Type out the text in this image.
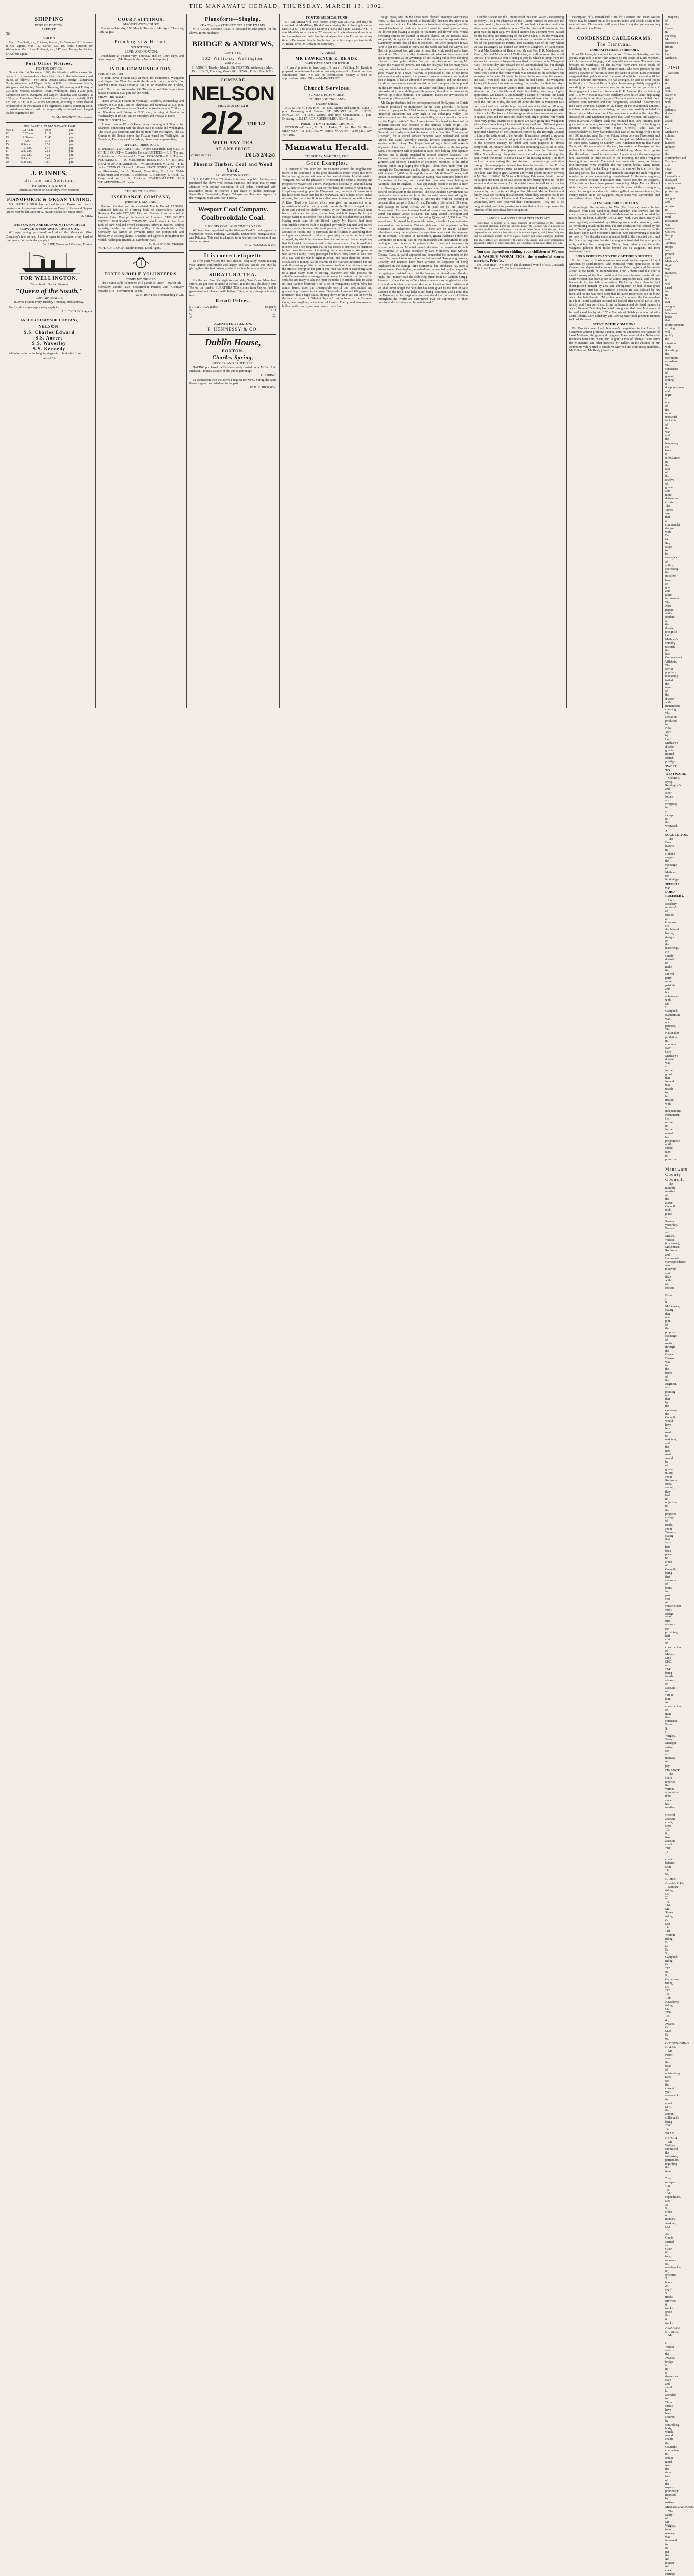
THE MANAWATU HERALD, THURSDAY, MARCH 13, 1902.
SHIPPING
PORT OF FOXTON.
ARRIVED.

Nil.

SAILED.

Mar. 12.—Oreti, s.s., 214 tons, Jarman, for Westport. P. Hennessy & Co. agents. Mar. 12.—Gertie, s.s., 100 tons, Simpson for Wellington. Mar. 12.—Himitangi, s.s., 147 tons, Harvey for Picton. J. Overend agent.

Post Office Notices.
FOXTON OFFICE.

On and after 1st December, 1900, the letter-box will be cleared for despatch of correspondence from this office to the under-mentioned places, as follows:— For Oroua Downs Oroua Bridge, Palmerston North, Wanganui and Napier, daily, at 8.30 p.m. Palmerston North, Wanganui and Napier, Monday, Tuesday, Wednesday and Friday at 2.30 p.m. Moutoa, Shannon, Levin, Wellington, daily a 2.30 p.m. Palmerston North, Wanganui and Napier, Thursday and Saturday, at 3.30 p.m. Receiving Box Cleared daily, (Sundays excepted), 8.15 a.m. and 5 p.m. N.B.—Letters containing anything of value should be handed to the Postmaster to be registered. Letters containing coin, if posted unregistered, will be compulsorily registered and charged double registration fee.

W. MacDONNOTT, Postmaster.

HIGH WATER AT MANAWATU BAR.
Mar. 11	10.17 a.m.	10.35	p.m.
12	10.52 a.m.	11.11	p.m.
13	11.30 a.m.	11.45	p.m.
14	— a.m.	0.16	p.m.
15	0.54 a.m.	0.51	p.m.
16	1.19 a.m.	1.47	p.m.
17	2.20 a.m.	2.54	p.m.
18	3.57 a.m.	4.21	p.m.
19	5.5 a.m.	5.45	p.m.
20	6.28 a.m.	7.8	p.m.
J. P. INNES,
Barrister and Solicitor,
PALMERSTON NORTH

Attends at Foxton on Court days when required.

PIANOFORTE & ORGAN TUNING.

MR. ARTHUR SILK has decided to visit Foxton and district quarterly on his professional business as Tuner of Piano and Organs. Orders may be left with Mr A. Fraser Bookseller, Main-street.

A. SILK.

THE FOXTON AND SHANNON STEAM RIVER SERVICE & MANAWATU RIVER COY.

W. Jupp having purchased and added the Manawatu River Company's interest and Plant, is open to undertake every kind of river work. For particulars, apply to

W. JUPP, Owner and Manager, Foxton.

FOR WELLINGTON.
The splendid Screw Steamer
"Queen of the South,"
CAPTAIN MANLY,

(Leaves Foxton every Tuesday Thursday, and Saturday.

For freight and passage money apply to

J. F. OVEREND, Agent.

ANCHOR STEAMSHIP COMPANY,
NELSON.
S.S. Charles Edward
S.S. Aorere
S.S. Waverley
S.S. Kennedy

All information as to freights, stages &c. obtainable from

G. GRAY.

COURT SITTINGS.
MAGISTRATE'S COURT.

Foxton.—Saturday, 15th March; Thursday, 24th April; Thursday, 15th August.

Prendergast & Harper,
SOLICITORS,
LEVIN AND FOXTON.

Attendance at Foxton very Thursday and on Court days, and when required. (Mr Harper is also a Native Interpreter.)

INTER-COMMUNICATION.

FOR THE NORTH—

A train leaves Foxton daily at 9a.m. for Palmerston, Wanganui and Napier. For New Plymouth the through trains run daily. For Sandon a train leaves Foxton at 3.0 p.m. on Mondays and Fridays, and 1.30 p.m. on Wednesday. On Thursdays and Saturdays a train leaves Foxton at 3.20 p.m. for the North.

FROM THE NORTH—

Trains arrive at Foxton on Mondays, Tuesdays, Wednesdays and Fridays at 6.35 p.m., and on Thursdays and Saturdays at 1.30 p.m. and 8.35 p.m. The train leaves Sandon on Wednesdays at 7.30 a.m., on Mondays and Fridays at 9.30 a.m., arriving at Foxton on Wednesdays at 10 a.m. and on Mondays and Fridays at noon.

FOR THE SOUTH—

A coach leaves Whyte's Hotel every morning at 5.30 a.m. for Shannon, connecting with the down train to Otaki and Wellington. The coach also connects with the up train from Wellington. The s.s. Queen of the South leaves the Foxton wharf for Wellington on Tuesdays, Thursdays and Saturdays, circumstances permitting.

OFFICIAL DIRECTORY.

STIPENDIARY MAGISTRATE— Alfred Greenfield, Esq. CLERK OF THE COURT— Constable Forster. JUSTICES— E. S. Thynne, F. Robinson, J. Davies and A. Fraser. CORONER— E. S. Thynne. POSTMASTER— W. MacDonnott. REGISTRAR OF BIRTHS, DEATHS AND MARRIAGES— W. MacDonnott. MAYOR— F. E. Jenks. TOWN CLERK— Alf. Fraser. STATE SCHOOL, FOXTON— Headmaster, W. S. Stewart; Committee, Mr J. W. Walsh (Chairman) and Messrs. F. Robinson, P. Hennessy, F. Cook, G. Gray, and W. H. K. Hickson. STATIONMASTER AND WHARFINGER— T. Lewis.

THE SOUTH BRITISH
INSURANCE COMPANY,
(FIRE AND MARINE.)

Paid-up Capital and Accumulated Funds Exceed £288,000. Unlimited liability of a strong body of shareholders. Annual Revenue Exceeds £170,000. Fire and Marine Risks accepted at Lowest Rates. Prompt Settlement of Accounts. THE SOUTH BRITISH INSURANCE COMPANY, which stands in the front rank of New Zealand-owned companies, offers to insurers sterling security, besides the unlimited liability of its shareholders. The Company has earned an enviable name for promptitude and liberality in settling claims. Branches and agencies throughout the world. Wellington Branch, 27 Lambton Quay.

C. W. BENBOW, Manager.

W. H. K. HICKSON, Dublin House, Local Agent.

FOXTON RIFLE VOLUNTEERS.
COMPANY ORDERS.

The Foxton Rifle Volunteers will parade as under— March 6th—Company Parade; 13th—Government Parade; 20th—Company Parade; 27th—Government Parade.

W. H. HUNTER, Commanding F.V.R.

Pianoforte—Singing.
(The Theory of) TRINITY COLLEGE EXAMS.

MRS GRAY, Norbiton Road, is prepared to take pupils for the above. Terms moderate.

BRIDGE & ANDREWS,
DENTISTS.
102, Willis-st., Wellington.
Will Visit—

SHANNON, Tuesday, March 18th. FOXTON, Wednesday, March 19th. LEVIN, Thursday, March 20th. OTAKI, Friday, March 21st.

COMPARE
NELSON
MOATE & CO. LTD
2/2 1/10 1/2
WITH ANY TEA
AT ANY PRICE
OTHER PRICES	1/6 1/8 2/4 2/8
Phoenix Timber, Coal and Wood Yard,
PALMERSTON NORTH.

G. A. GAMMAN & CO. desire to inform the public that they have purchased the above well known business, and hope that by strict attention with prompt execution of all orders, combined with reasonable prices, to receive a fair share of public patronage. Sawmills at Dannevirke, Kopua, Takapau and Tahoraite. Agents for the Wanganui Sash and Door Factory.

Wesport Coal Company.
Coalbrookdale Coal.
PHOENIX COAL AND TIMBER YARD.

WE have been appointed by the Westport Coal Co. sole agents for Palmerston North, Feilding, Woodville, Dannevirke, Mangatainoka, and Pahiatua. This coal is admitted to be the best for household and steam purposes.

G. A. GAMMAN & CO.

It is correct etiquette

To offer your visitors the best: indeed, hospitality means making your visitors comfortable and happy, and you can do this only by giving them the best. When you have visitors be sure to offer them

SURATURA TEA.

It is the best. From its origin to your table, Nature's and Man's best efforts are put forth to make it the best. It is the only absolutely pure Tea on the market. SURATURA TEA comes from Ceylon, and is guaranteed not blended with Indian, China, or any cheap or inferior teas.

Retail Prices.
SURATURA A quality	1/8 per lb
B	1/11
C	2/-
X	2/6
AGENTS FOR FOXTON,
P. HENNESSY & CO.
Dublin House,
FOXTON.
Charles Spring,
GROCER AND FRUITERER.

HAVING purchased the Business lately carried on by Mr W. H. K. Hickson, I request a share of the public patronage.

C. SPRING.

IN connection with the above I request for Mr C. Spring the same liberal support accorded me in the past.

W. H. K. HICKSON.

FOXTON MEDICAL FUND.

DR GRAHAM will visit Foxton every SATURDAY, and may be consulted at McMillan, Rhodes' store during the following hours:— SUNDAYS—9 to 10 a.m.; 12.30 to 1 p.m.; and 8 p.m. MONDAYS—8 a.m. Monthly subscribers of 2/6 are entitled to attendance and medicine for themselves and their families at above hours in Foxton, or at any time in Palmerston North. For further particulars apply pro tem to Mr A. Baker, or to Dr Graham, on Saturdays.

[A CARD.]
MR LAWRENCE E. READE.
BARRISTER AND SOLICITOR.

14 years' practice in Invercargill. 9 years' „ Feilding. Mr Reade is prepared to undertake the sale of property entrusted to him at the usual commission rates—No sale No commission. Money to lend on approved securities. Office—MAIN-STREET.

Church Services.
SUNDAY, 16TH MARCH.
CHURCH OF ENGLAND.
(Passion Sunday

ALL SAINTS', FOXTON.—11 a.m., Matins and Sermon (L.B.); 7 p.m., Evensong and Sermon. ST. SIMON'S & ST. JUDE'S, RONGOTEA.—11 a.m., Matins and Holy Communion; 7 p.m., Evensong (L.B.) TAIKORIA SCHOOLHOUSE.—3 p.m.

PRIMITIVE METHODIST CHURCH.

FOXTON.—11 a.m., Mr S. H. Baker; 7 p.m., Rev. W. Harris. SHANNON.—11 a.m., Rev. W. Harris. MOUTOA.—2.30 p.m., Rev. W. Harris.

Manawatu Herald.
THURSDAY, MARCH 13, 1902.
Good Examples.

A resident of this town has but to move around the neighbouring towns to be convinced of the great disabilities under which this town lies in having no energetic man at the head of affairs. In a late visit to Wanganui we had the pleasure of witnessing the value a pushing and progressive Mayor is to a town. Wanganui is especially lucky in having Mr A. Hatrick as Mayor, a fact the residents are cordially recognising. His plucky opening up of the Wanganui river, one which it seems to us has little more water than has the Manawatu, only a depth of ten inches of water, for tourist traffic is so well-known, to need no repetition here. A River Trust was formed which was given an endowment of no inconsiderable value, but by yearly grants the Trust managed so to direct and control the shallow waters, by the formation of small stone leads, that when the river is very low, which it frequently is, just enough water is secured to float a boat drawing less than twelve inches. Having made sure of this liberal supply Mr Hatrick had most comfortable steamers built in England, powerfully engined, and started a service which is one of the most popular of Tourist routes. The river abounds in rapids, and to surmount the difficulties in ascending them an ingenious system of fixed wire ropes lying on the bed of the river is arranged, by which the steamers haul themselves up. Some people say that Mr Hatrick has been moved by the power of enriching himself, but it seems too often forgotten that in his efforts to increase his business he has been the means of enriching the whole town of Wanganui as well as the Colony. Every passenger his boats carry spend at least part of a day and the whole night in town, and must therefore create a circulation of money. As the charms of the river are advertised far and wide this colony profits by the increased trade on the railways, so that the effect of energy on the part of one man has been of exceeding value to a great many. Men of sterling character and who possess the valuable possession of energy are not content to retain it all for selfish ends, but are ready to take their part in public life and thus help to wake up their weaker brethren. This is so in Wanganui's Mayor, who has almost forced upon the townspeople one of the most radical and greatest improvement to the town. Those who know old Wanganui will remember that a large space, sloping down to the river, and known by the fanciful name of "Market Square," just in front of the Supreme Court, was anything but a thing of beauty. The ground was uneven, hollow in the centre, and was covered with long

rough grass, and on the sides were planted unkempt Macrocarpa trees. All this has been altered, so beautifully, that now the place is an ornament to the town. The Macrocarpa trees have disappeared, and the ground has been all made and is now formed in broad grass terraces, the lowest part having a couple of fountains and flower beds, whilst flowering shrubs are planted in suitable places. On the terraces seats are placed, giving the sitter a view of the river and the opposite bank. Everybody admits this all this is excellent, but when proposed it was hard to get the Council to carry out the work and had the Mayor, Mr Hatrick, possessed less grit than he does, the work would never have been done. This is a worthy illustration of what we have again and again represented as the advantage of our leading public men devoting interest to their public duties. We had the pleasure of meeting Mr Major, the Mayor of Hawera, not only for this year, but for many years past, and what he told us is but a repetition of the statement of value a good Mayor is to a town. Hawera is possessed of one of the finest water services of any town, the pressure throwing a stream one hundred feet in height. It has an admirable sewerage scheme, and yet the rates for all purposes do not exceed one shilling and threepence in the pound on the £10 rateable properties. Mr Major confidently hopes to see the rate reduced to one shilling and threepence, though it is intended to provide up-to-date abattoirs. The statement makes the enviousness of Hawera's position a noble one.

Mr Kruger declares that the correspondence of Dr Kuyper, the Dutch Premier, produced no impression on the Boer generals. The latest curiosity in paragraphs. A Wellington exchange thinks it worth writing. "Imperial sentiments run very high in the Pohangina Valley. The settlers won't touch German wire, and willingly pay a pound a ton more for the English article." One Aorere farmer is alleged to have sold a Holstein-Friesian cow because of the animal's Dutch origin. The Government, as a result of inquiries made by cable through the agent-General, has finally accepted the tender of the Blue Star Company, of Liverpool, for a special service between New Zealand and South Africa. The Natal Assembly strongly favours compulsory military service in the colony. The Department of Agriculture will make a shipment of ten tons of fruit cheese to South Africa by the troopship Kent. The shipment will be packed in cases each holding four separate cheeses, and is chiefly supplied by several southern factories. The Kwangai rebels surprised the mandarins at Kieban, overpowered the garrison, and released a number of prisoners. Members of the Tribal Society joined in pillaging the villages. About 9000 birds were put through the Government poultry depots last month for export. There will be about 10,000 put through this month. Mr William T. Jones, well known in connection with Australian racing, was examined before the Committee on betting, and stated that there was more betting in Australia than in England. It was apparently possible to stop a river from flowing as to prevent betting in Australia. It was not difficult to control bookmakers in the colonies. The new Zealand Government has received a communication from the Imperial authorities asking for twenty women teachers willing to take up the work of teaching in concentration camps in South Africa. The salary offered is £100 a year, and passage to South Africa will be paid for by the Imperial Government. Thirteen hundred head of stamps are working on the Rand, but native labour is scarce. The King visited Devonport and witnessed the launching of the battleship Queen, of 15,000 tons. The vessel was christened by Queen Alexandra, a bottle of colonial wine was used on the occasion. Chinese girls are to be employed in San Francisco as telephone operators. There are so many Chinese inhabitants using the telephone that operators who speak the language are in demand. The Duke of Devonshire, giving evidence before the Committee on Betting, said it was impossible and undesirable to stop betting on racecourses or in private clubs. It was not necessary to license bookmakers. Mounted men in disguise tried revolvers through the windows of a house occupied by Mrs McInerney near Kilrush, County Clare. A patrol appeared and demanded the surrender of the men. The moonlighters were fired on but escaped. Two young farmers, Crawley and Eustace have been arrested on suspicion of being implicated in the outrage. Mrs McInerney had purchased hay from a farmer named Cunningham, who had been connected by the League for occupying an evicted farm. At the banquet at Dunedin on Monday night, the Premier read the following letter from Sir Gordon Sprigg, Premier of Cape Colony:—"My friends here are so delighted with the firm and noble stand you have taken up on behalf of South Africa, and we shall never forget the help that has been given by the men of New Zealand in the field. That help is still being continued, and I think that the Boers are at last beginning to understand that the sons of Britain throughout the world are determined that the supremacy of their country and sovereign shall be maintained."

Trouble is ahead for the Committee of the Levin Water Race opening ceremony. The great chairman of the County refused to consider the accounts sent in, because he and Cr Prouse had not received notice to attend meeting to consider accounts. The Secretary will have to rub the great man the right way. We should inquire how accounts were passed for the building and furnishing of the Levin Club. How the Wanganui river draws as a holiday trip is well-shown by mention of the names of few of the passengers to Pipiriki, last Saturday. Out of the fifty whom we saw passengers we noticed Mr and Mrs Longhorn, of Palmerston; Mr and Mrs Davidson of Heatherlea; Mr and Mrs F. R. Macdonald of Kereru; Mr and Mrs Ames of Wellington, as well as round the world tourists. The acrobatic feat of using a pole by which to jump from the steamer to the shore is frequently practised by natives on the Wanganui river. The other day one essayed the oft accomplished feat, but though landing on dry land had forgotten to throw his body forwards, and the result was a seat in the water which was comical to the onlookers but annoying to the actor. On rising he turned to the native on the steamer and said, "You look out," and we think he had better. The Wanganui Jockey Club were fortunate in having fine weather for their two days racing. There were many visitors from this part of the coast and the attention of the officials and their hospitality was very highly appreciated. Mr Dustin is undoubtedly a caterer of renown, the lunch he provides is one of the very best and would take a lot of beating. Until the rain on Friday the feed all along the line to Wanganui was both short and dry, but the improvement was noticeable on Monday. Stacks were in evidence everywhere though we noticed much grass still in the stooks. The banks of the Wanganui river have enormous number of quince trees and the trees are loaded with bright golden fruit which looks very pretty. Quantities of quinces are daily going into Wanganui where they can be bought for one halfpenny the dozen. Different places have different ways of going about a job. At Palmerston the Mayor was appointed Chairman of the Committee formed by the Borough Council to join in the testimonial to the Premier. It was also resolved to appoint canvassers. What is worth doing at all is worth doing well. The survey of the Urewera country for tribal and hapu purposes is almost completed. On January 30th a cash-box containing £25 3s 9d in cash, some cheques and other papers was stolen from the Sumner Post Office. Some days ago the postmistress received a package through the post, which was found to contain £22 of the missing money. The thief enclosed a note asking the postmistress to acknowledge restitution through the newspapers. A steer has been impounded in the Foxton Pound. Messrs Symons Bros. caution people against trespassing on their land with dog or gun. Autumn and winter goods are now arriving at Mr Geo H. Stiles'. At Victoria Buildings, Palmerston North, one of the largest and most up-to-date stocks are now being opened up for the autumn and winter season. As this establishment is well known for the quality of its goods, visitors to Palmerston should inspect. A speciality is made by the firm in wedding orders. Mr and Mrs W. Hunter and family leave for Fielding this afternoon, where they intend to reside for the future. Captain Hunter and Lieutenant Walsh, of the local volunteers, have both received their commissions. They are to be congratulated, and it is pleasing to know their efforts to promote the interests of the corps have been recognised.

SANDER and SONS EUCALYPTI EXTRACT.

According to reports of a great number of physicians of the highest professional standing, there are offered Eucalypti Extracts which possess no curative qualities. In preference to the world wide fame of Sander and Sons preparation we publish a few abstracts from their reports, which bear fully out that no substance excels or even equals Sander and Sons Eucalypti Extract. The chief effects are produced with cures with Sander and Sons' preparation against the effects of other remedies, our Eucalypti compound effect the cure.

You can depend on ridding your children of Worms with WADE'S WORM FIGS, the wonderful worm worriers. Price 1s.

The Deaf Hear.—No 494 of The Illustrated World of 630, Chiswick High Road, London, W., England, contains a

description of a Remarkable Cure for Deafness and Head Noises which may be carried out at the patient's home, and which is said to be a certain cure. This number will be sent free to any deaf person sending their address to the Editor.

CONDENSED CABLEGRAMS.
The Transvaal.
LORD KITCHENER'S REPORT.

Lord Kitchener, in a report to the War Office on Saturday, said he greatly regretted to report the capture by the Boers of Lord Methuen, with his guns and baggage, and many officers and men. The news was brought to Maribogo, on the railway forty-three miles south of Mafeking, by a force of 550 mounted men, who were pursued by the Boers a distance of four miles from the scene of action. Lord Kitchener suggested that publication of the news should be delayed until he received definite information. He had arranged, he said, to send troops to the district. General De la Rey's column was probably engaged in rounding up many officers and men in this area. Further particulars of the engagement show that Lieutenants G. R. Venning (Horse Artillery) and T. P. W. Nesham (Garrison Artillery) were killed after displaying great gallantry in serving the guns. Thirty-nine others were killed. Four officers were severely and one dangerously wounded. Seventy-two men were wounded. Captain W. A. Tilney, of the Seventeenth Lancers, and two hundred men, are missing, but many are possibly included in the arrivals at Maribogo. Lord Methuen was wounded in the thigh. The despatch of Lord Kitchener explained that Lord Methuen and Major A. Paris (Garrison Artillery), with 900 mounted men, 300 infantry, four guns and a pom-pom, were moving from Wynberg to Lichtenburg to junction on Saturday with Major Grenfell, who was at Roodewalsdevlei, forty-five miles south-east of Mafeking, with a force of 1300 mounted men. Early on Friday, when between Tweebosch and Palmietkuil, General De la Rey's force charged Lord Methuen's column on three sides. Writing on Sunday, Lord Kitchener reports that Major Paris, with the remainder of the men, has arrived at Kraaipan, on the railway line, thirty-five miles south of Mafeking. Major Paris reports that the column moved in two parties. A portion with the ox-waggons left Tweebosch at three o'clock in the morning, the mule waggons leaving at four o'clock. The attack was made after dawn, and before reinforcements were available the rear screen broke. Many Boers galloped on both flanks. They were at first checked by the fire of the flanking parties, but a panic and stampede amongst the mule waggons resulted in the rear screen being overwhelmed. All the mule waggons, with a terrible mixture of mounted men, rushed past the ox-waggons. All efforts to check them proved unavailing. Major Paris collected forty men, and occupied a position a mile ahead of the ox-waggons, which he brought to a standstill. After a gallant but useless defence, the enemy rushed in to the waggons. Major Paris was surrounded, and surrendered at ten o'clock.

LATEST AVAILABLE DETAILS.

At midnight the Secretary for War (Mr Brodrick) read a further despatch from Lord Kitchener, dated Monday. This showed that the convoy was escorted by half of Lord Methuen's force, and preceded the mules by an hour. Suddenly De La Rey, with 1500 men, nearly all wearing khaki, and assisted by a fifteen-pounder and a pom-pom, made an enveloping attack on the rear. The first confusion was caused by the native "boys" galloping the led horses through the mule convoy, while the latter, under Lord Methuen's direction, was endeavouring to join the ox convoy. The disorder communicated itself to the mounted men, and the Boers getting close beside the waggons frustrated the attempts to rally, and fast the ox-waggons. The artillery, infantry and the mule waggons galloped three miles beyond the ox waggons, and then interrupted them.

LORD ROBERTS AND THE CAPTURED OFFICER.

In the House of Lords reference was made to the capture of Lord Methuen by Lord Roberts, who expressed warm appreciation of the General, and deprecated adverse criticism. Referring to Lord Methuen's action at the battle of Magersfontein, Lord Roberts said that after a careful survey of the Boer position at that place he was convinced that Lord Methuen had been given an almost impossible task, and was not blameable for the failure to relieve Kimberley. Since then he had distinguished himself by zeal and intelligence; he had shown great perseverance, and had not suffered a check. He was beloved by his men, and no one was more sorry than he (Lord Roberts) to see the blow which had befallen him. "More than once," continued the Commander-in-Chief, "Lord Methuen assisted and looked after General De la Rey's family, and I am convinced, from the humane and civilised manner in which General De la Rey has acted throughout, that Lord Methuen will be well cared for by him." The Marquis of Salisbury concurred with Lord Roberts. Lord Salisbury and Lord Spencer paid generous tributes to Lord Methuen.

SCENE IN THE COMMONS.

Mr Brodrick read Lord Kitchener's despatches in the House of Commons amidst profound silence, until he announced the capture of Lord Methuen, the guns and baggage. Then some of the Nationalist members burst into cheers and laughter. Cries of "shame" came from the Ministerial and other benches. Mr Dillon, in the absence of Mr Redmond, valuly tried to check Mr McNeill and other noisy members. Mr Dillon and Mr Healy joined the

majority of the House in cheering Mr Brodrick's tribute to Lord Methuen.

Latest.

Sections of the 4th and 38th Batteries fought with great gallantry during the attack on Lord Methuen's column. Three hundred infantry of the Northumberland Fusiliers, and Loyal North Lancashires displayed conspicuous courage, protecting the waggon and refusing to surrender until resistance was useless. Colliers, Kemp, and Vermaas' troops were present. Lord Methuen's thigh was fractured. He is well cared for in his own waggon. Lord Kitchener hopes that reinforcements arriving will rectify the situation with disturbing the operations elsewhere. The concensus of general feeling is disappointment and regret at one of the most untoward incidents of the war, and the temporary set back is unfortunate in the face of the resolve of greater and more determined efforts. The Times says that a commander dealing with De La Rey ought to be strategical of ability, exercising the initiative based on good and rapid information. The Paris papers, while jubilant at the disaster, recognise Lord Methuen's chivalry towards the late Commandant Villebois. The Berlin populace repeatedly hailed the news of the disaster with tremendous cheering. The sensation produced in New York by Lord Methuen's disaster greatly injured British prestige.

SWEEP TO WESTWARD.

Colonels Byng, Remington's and other forces are sweeping in a sweep to the westward.

A SUGGESTION.

The Boer leaders in Holland suggest the exchange of Methuen for Kruitzinger.

SPEECH BY LORD ROSEBERY.

Lord Rosebery received an ovation at Glasgow. He disclaimed having designs on the leadership. He simply desired to make the Liberal party more patriotic and his adherence with Sir H. Campbell-Bannerman was not personal. The Nationalist jubilation in common over Lord Methuen's disaster was a further proof that Ireland was unable to be trusted with an independent Parliament. He refused to further reveal his programme until called upon to prescribe.

Manawatu County Council.

The monthly meeting of the above Council took place at Sanson yesterday. Present—Messrs. Wilson (chairman), McLennan, Robinson and Hammond. Correspondence was received and dealt with as follows:— From J. R. McLennan, stating that one plan of the proposed exchange of roads through the Oroua Downs was in the hands of the Engineer, also pointing out that by the exchange the Council would have less road to maintain, and the new road would be of greater utility. From Robinson Bros. stating they had no objection to the proposed change of roads. From Treasury, stating that £618 had been placed to credit of Council, being first advances of loans for part cost of construction Bulls Bridge £325, first advance for providing half cost of construction of Millar's Line £160, also £143 being fourth advance on account of £1000 loan for construction of tram-line extension. From S. H. Wrigley, Tram Manager asking for an increase of pay.

FINANCE.

The Clerk reported the various accounting done since last meeting:— General account credit, £398 10s 6d; loan account credit £183 1s 1d; credit balance, £581 11s 6d.

RIDING ACCOUNTS.

Sandon riding, Dr. £8 14s 11d; Mt. Stewart riding Cr. £88 14s 11d; Waitohi riding Dr. £61 5s 5d; Campbell riding Cr. £72 8s 9d; Carnarvon riding Dr. £72 15s 10d; Kawakawa riding Cr. £194 16s 4d; Awahou Cr. £138 6s 9d.

OUTSTANDING RATES.

Mr Parrell stated the total of outstanding rates for the current year amounted to about £170, the amount collectable being £36 1s.

TRAM REPORT.

Mr Wrigley submitted the following particulars regarding the tram:—Total receipts £98 13s 10d; expenditure, £66 3s 9d; credit on month's working £32 10s 3d. Goods carried—Grain 68 tons, minerals 86, merchandise 86, groceries 3, hemp 24, chaff 3 trucks, firewood 6 trucks, green flax 6 trucks.

AWAHOU BRIDGE.

Mr J. G. Wilson stated the Awahou bridge is in a dangerous state and should be attended to. Three suresy have been secured by controlling body, which would enable the Council's contractors to obtain metal from the river free of the royalty previously imposed by natives.

MISCELLANEOUS.

The salary of Mr Wrigley, tram manager, was increased to 8s per day. Re request for cheap carriage
